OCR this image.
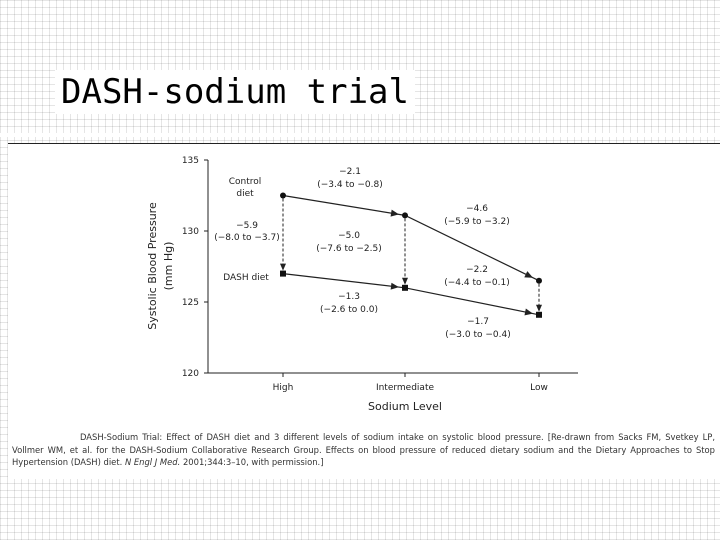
DASH-sodium trial
120
125
130
135
High	Intermediate	Low
Sodium Level
Systolic Blood Pressure (mm Hg)
Control
diet
DASH diet
−2.1
(−3.4 to −0.8)
−4.6
(−5.9 to −3.2)
−5.9
(−8.0 to −3.7)	−5.0
(−7.6 to −2.5)
−2.2
(−4.4 to −0.1)
−1.3
(−2.6 to 0.0)
−1.7
(−3.0 to −0.4)
DASH-Sodium Trial: Effect of DASH diet and 3 different levels of sodium intake on systolic blood pressure. [Re-drawn from Sacks FM, Svetkey LP, Vollmer WM, et al. for the DASH-Sodium Collaborative Research Group. Effects on blood pressure of reduced dietary sodium and the Dietary Approaches to Stop Hypertension (DASH) diet. N Engl J Med. 2001;344:3–10, with permission.]
